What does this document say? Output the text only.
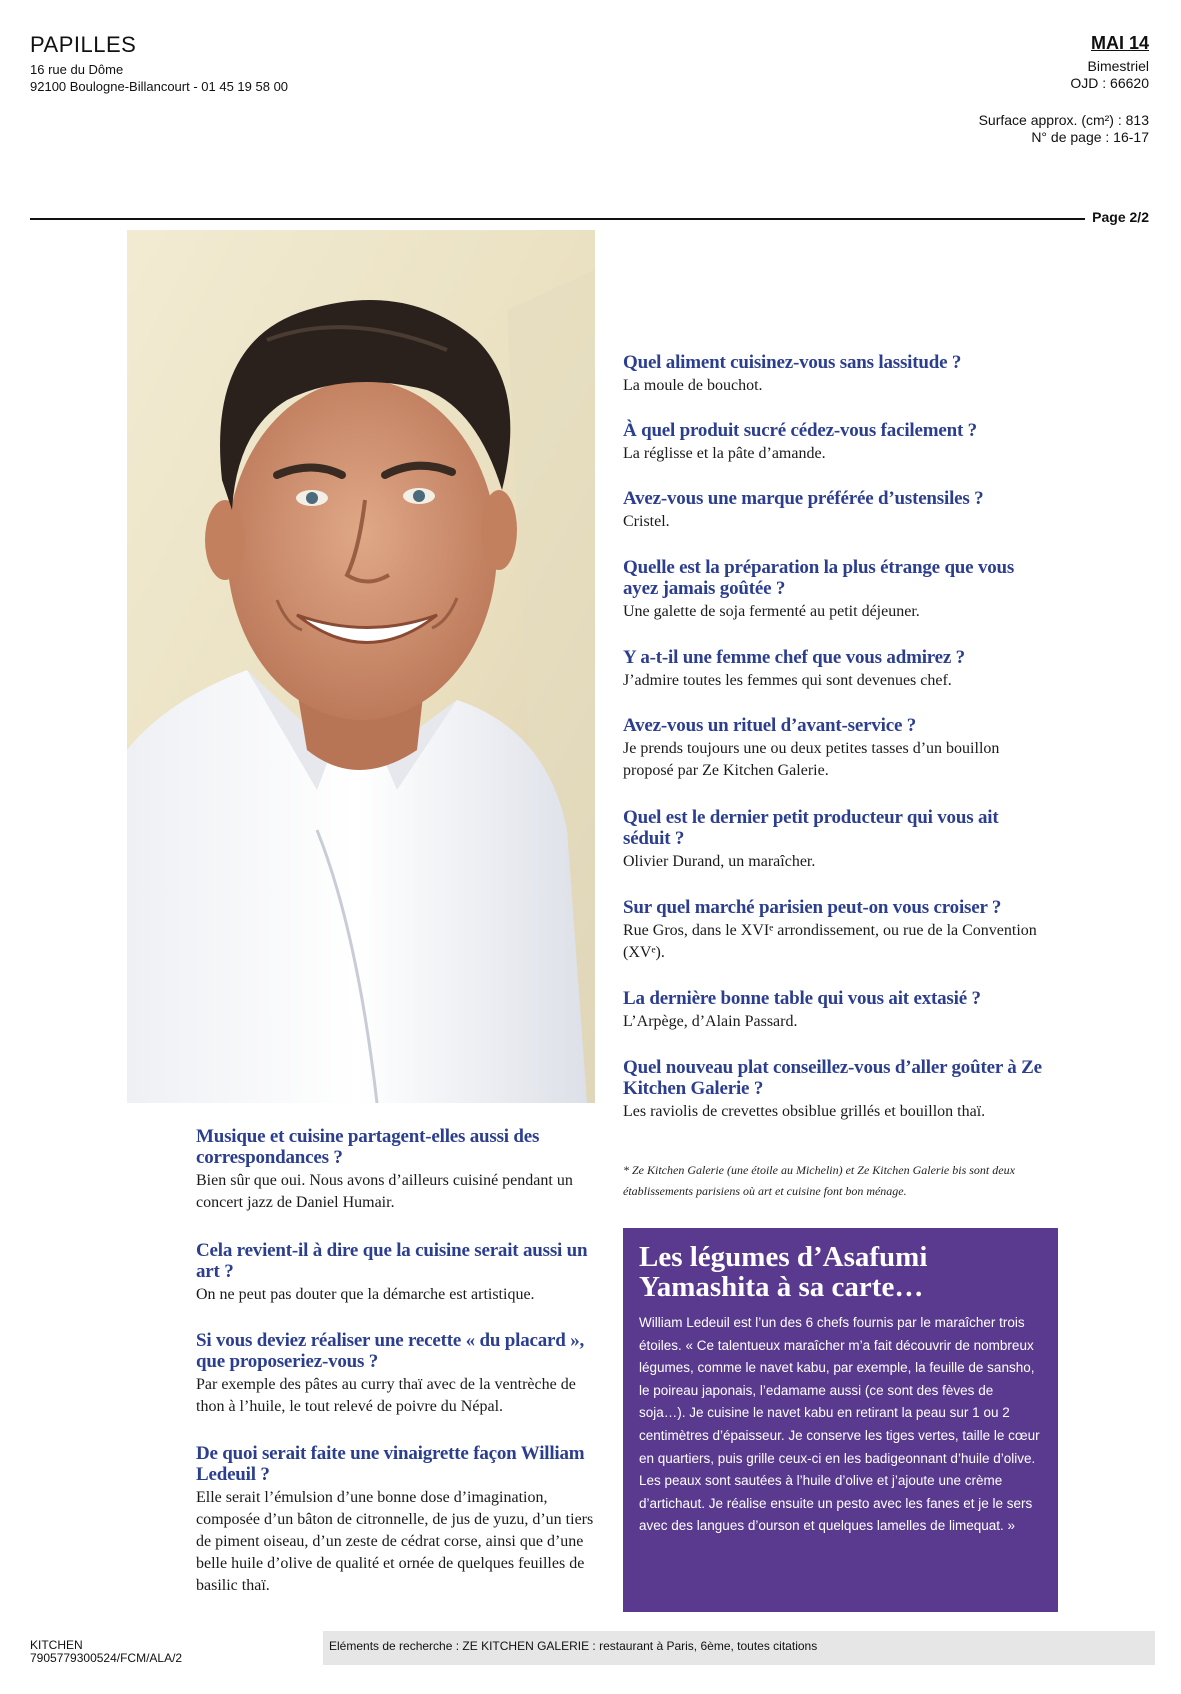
PAPILLES
16 rue du Dôme
92100 Boulogne-Billancourt - 01 45 19 58 00
MAI 14
Bimestriel
OJD : 66620
Surface approx. (cm²) : 813
N° de page : 16-17
Page 2/2
Quel aliment cuisinez-vous sans lassitude ?
La moule de bouchot.
À quel produit sucré cédez-vous facilement ?
La réglisse et la pâte d’amande.
Avez-vous une marque préférée d’ustensiles ?
Cristel.
Quelle est la préparation la plus étrange que vous ayez jamais goûtée ?
Une galette de soja fermenté au petit déjeuner.
Y a-t-il une femme chef que vous admirez ?
J’admire toutes les femmes qui sont devenues chef.
Avez-vous un rituel d’avant-service ?
Je prends toujours une ou deux petites tasses d’un bouillon proposé par Ze Kitchen Galerie.
Quel est le dernier petit producteur qui vous ait séduit ?
Olivier Durand, un maraîcher.
Sur quel marché parisien peut-on vous croiser ?
Rue Gros, dans le XVIᵉ arrondissement, ou rue de la Convention (XVᵉ).
La dernière bonne table qui vous ait extasié ?
L’Arpège, d’Alain Passard.
Quel nouveau plat conseillez-vous d’aller goûter à Ze Kitchen Galerie ?
Les raviolis de crevettes obsiblue grillés et bouillon thaï.
* Ze Kitchen Galerie (une étoile au Michelin) et Ze Kitchen Galerie bis sont deux établissements parisiens où art et cuisine font bon ménage.
Musique et cuisine partagent-elles aussi des correspondances ?
Bien sûr que oui. Nous avons d’ailleurs cuisiné pendant un concert jazz de Daniel Humair.
Cela revient-il à dire que la cuisine serait aussi un art ?
On ne peut pas douter que la démarche est artistique.
Si vous deviez réaliser une recette « du placard », que proposeriez-vous ?
Par exemple des pâtes au curry thaï avec de la ventrèche de thon à l’huile, le tout relevé de poivre du Népal.
De quoi serait faite une vinaigrette façon William Ledeuil ?
Elle serait l’émulsion d’une bonne dose d’imagination, composée d’un bâton de citronnelle, de jus de yuzu, d’un tiers de piment oiseau, d’un zeste de cédrat corse, ainsi que d’une belle huile d’olive de qualité et ornée de quelques feuilles de basilic thaï.
Les légumes d’Asafumi Yamashita à sa carte…
William Ledeuil est l’un des 6 chefs fournis par le maraîcher trois étoiles. « Ce talentueux maraîcher m’a fait découvrir de nombreux légumes, comme le navet kabu, par exemple, la feuille de sansho, le poireau japonais, l’edamame aussi (ce sont des fèves de soja…). Je cuisine le navet kabu en retirant la peau sur 1 ou 2 centimètres d’épaisseur. Je conserve les tiges vertes, taille le cœur en quartiers, puis grille ceux-ci en les badigeonnant d’huile d’olive. Les peaux sont sautées à l’huile d’olive et j’ajoute une crème d’artichaut. Je réalise ensuite un pesto avec les fanes et je le sers avec des langues d’ourson et quelques lamelles de limequat. »
KITCHEN
7905779300524/FCM/ALA/2
Eléments de recherche : ZE KITCHEN GALERIE : restaurant à Paris, 6ème, toutes citations
